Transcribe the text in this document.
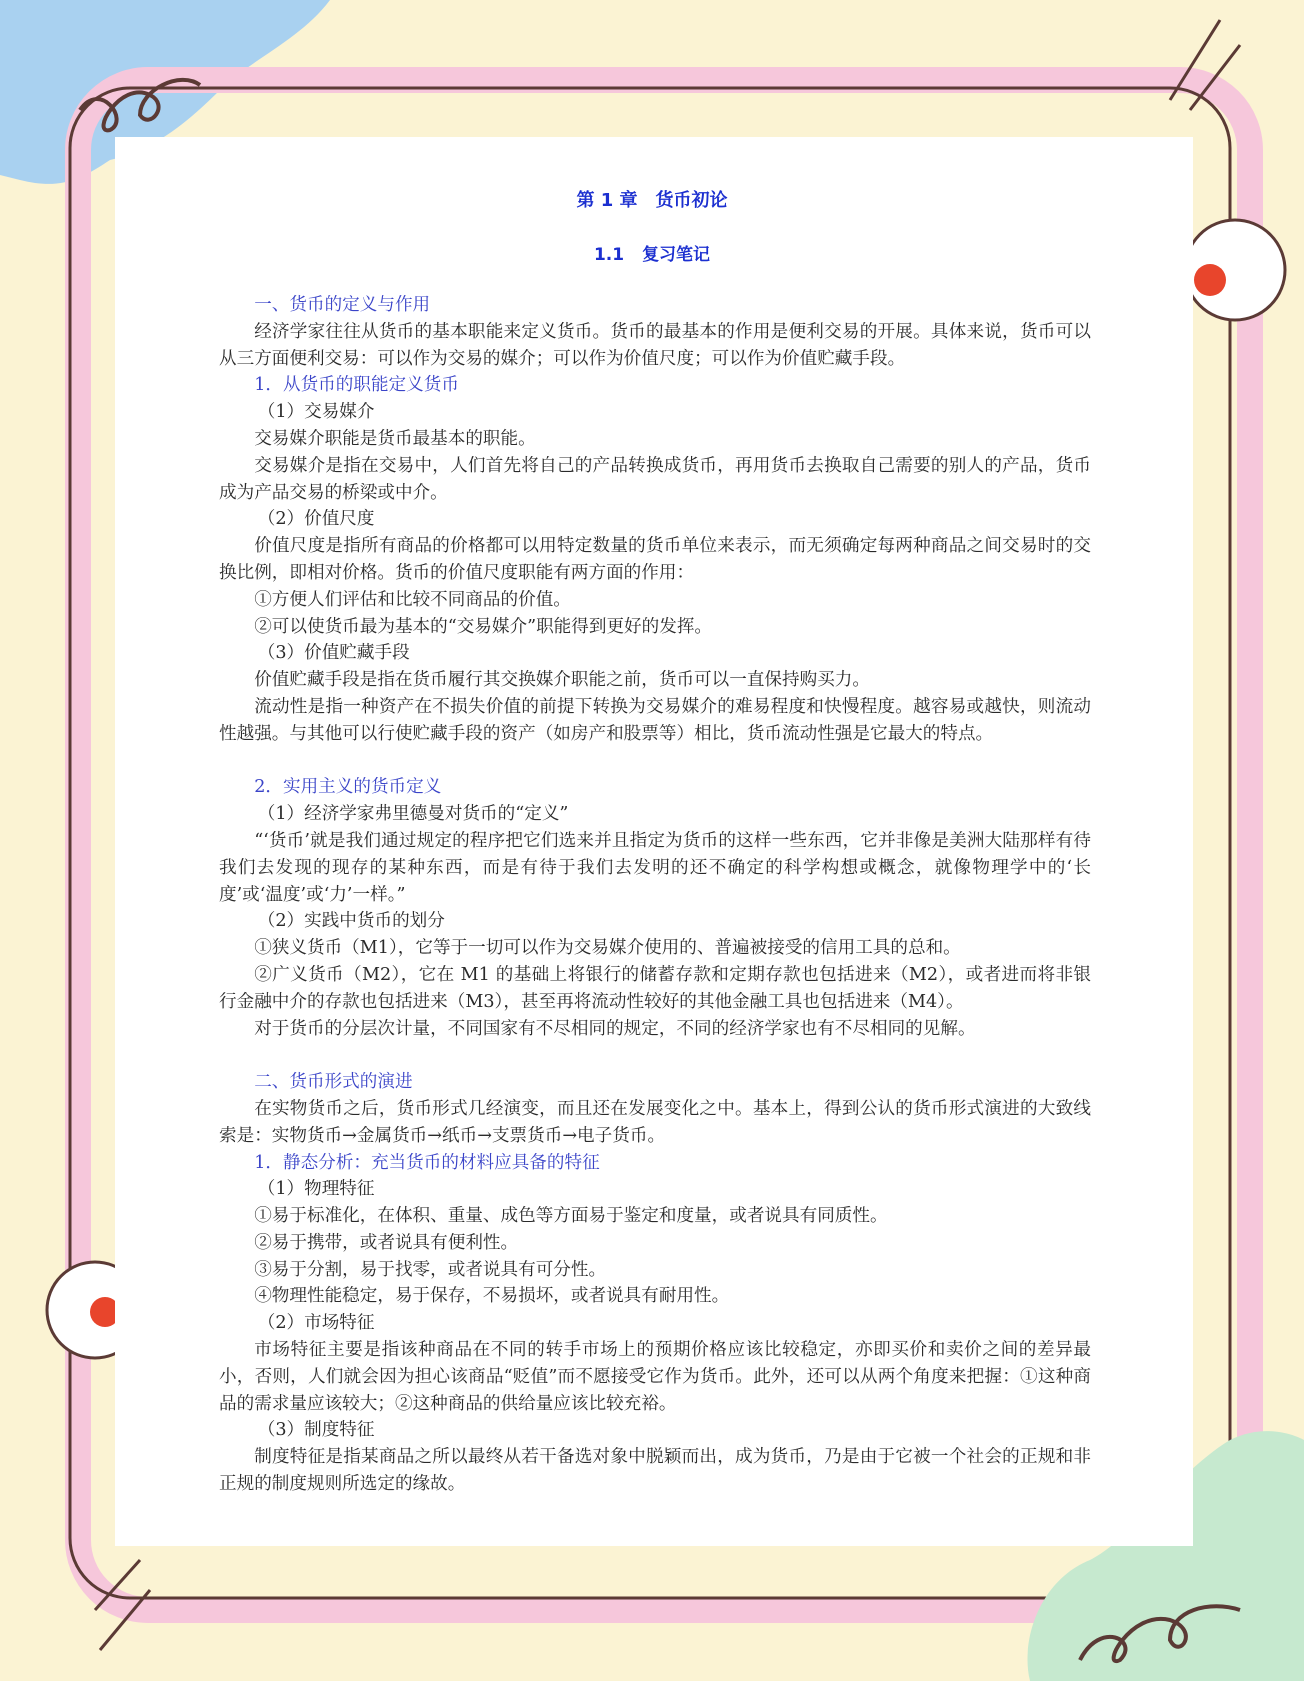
第 1 章 货币初论
1.1 复习笔记

一、货币的定义与作用

经济学家往往从货币的基本职能来定义货币。货币的最基本的作用是便利交易的开展。具体来说，货币可以从三方面便利交易：可以作为交易的媒介；可以作为价值尺度；可以作为价值贮藏手段。

1．从货币的职能定义货币

（1）交易媒介

交易媒介职能是货币最基本的职能。

交易媒介是指在交易中，人们首先将自己的产品转换成货币，再用货币去换取自己需要的别人的产品，货币成为产品交易的桥梁或中介。

（2）价值尺度

价值尺度是指所有商品的价格都可以用特定数量的货币单位来表示，而无须确定每两种商品之间交易时的交换比例，即相对价格。货币的价值尺度职能有两方面的作用：

①方便人们评估和比较不同商品的价值。

②可以使货币最为基本的“交易媒介”职能得到更好的发挥。

（3）价值贮藏手段

价值贮藏手段是指在货币履行其交换媒介职能之前，货币可以一直保持购买力。

流动性是指一种资产在不损失价值的前提下转换为交易媒介的难易程度和快慢程度。越容易或越快，则流动性越强。与其他可以行使贮藏手段的资产（如房产和股票等）相比，货币流动性强是它最大的特点。

2．实用主义的货币定义

（1）经济学家弗里德曼对货币的“定义”

“‘货币’就是我们通过规定的程序把它们选来并且指定为货币的这样一些东西，它并非像是美洲大陆那样有待我们去发现的现存的某种东西，而是有待于我们去发明的还不确定的科学构想或概念，就像物理学中的‘长度’或‘温度’或‘力’一样。”

（2）实践中货币的划分

①狭义货币（M1），它等于一切可以作为交易媒介使用的、普遍被接受的信用工具的总和。

②广义货币（M2），它在 M1 的基础上将银行的储蓄存款和定期存款也包括进来（M2），或者进而将非银行金融中介的存款也包括进来（M3），甚至再将流动性较好的其他金融工具也包括进来（M4）。

对于货币的分层次计量，不同国家有不尽相同的规定，不同的经济学家也有不尽相同的见解。

二、货币形式的演进

在实物货币之后，货币形式几经演变，而且还在发展变化之中。基本上，得到公认的货币形式演进的大致线索是：实物货币→金属货币→纸币→支票货币→电子货币。

1．静态分析：充当货币的材料应具备的特征

（1）物理特征

①易于标准化，在体积、重量、成色等方面易于鉴定和度量，或者说具有同质性。

②易于携带，或者说具有便利性。

③易于分割，易于找零，或者说具有可分性。

④物理性能稳定，易于保存，不易损坏，或者说具有耐用性。

（2）市场特征

市场特征主要是指该种商品在不同的转手市场上的预期价格应该比较稳定，亦即买价和卖价之间的差异最小，否则，人们就会因为担心该商品“贬值”而不愿接受它作为货币。此外，还可以从两个角度来把握：①这种商品的需求量应该较大；②这种商品的供给量应该比较充裕。

（3）制度特征

制度特征是指某商品之所以最终从若干备选对象中脱颖而出，成为货币，乃是由于它被一个社会的正规和非正规的制度规则所选定的缘故。
